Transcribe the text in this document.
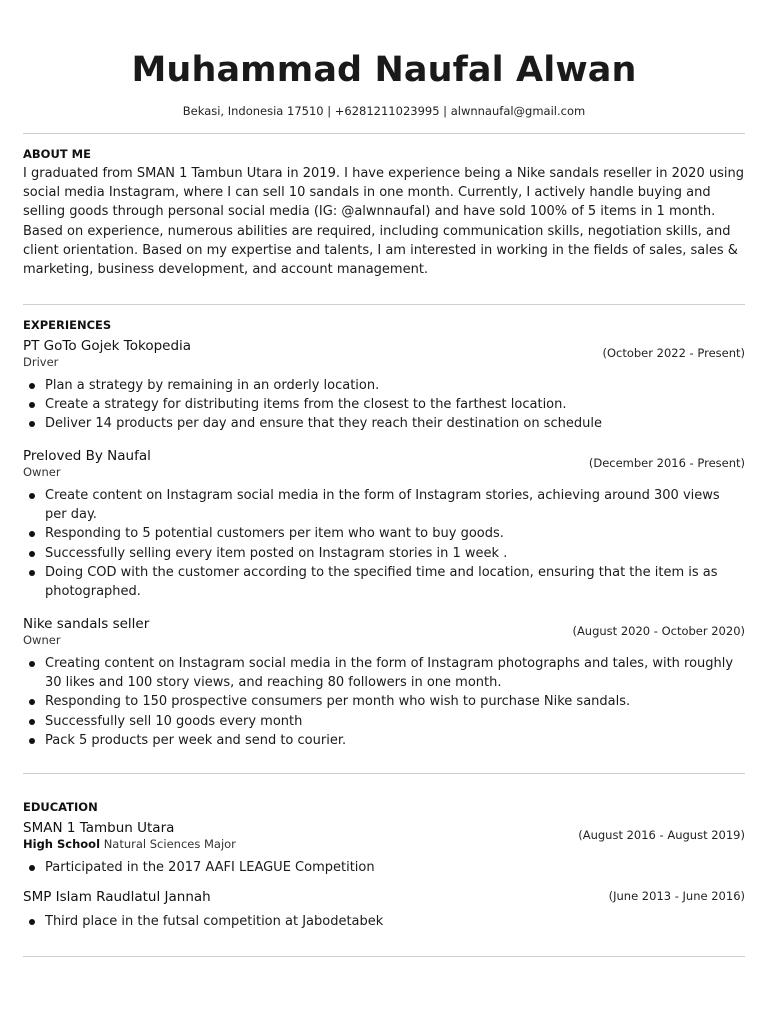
Muhammad Naufal Alwan
Bekasi, Indonesia 17510 | +6281211023995 | alwnnaufal@gmail.com
ABOUT ME
I graduated from SMAN 1 Tambun Utara in 2019. I have experience being a Nike sandals reseller in 2020 using social media Instagram, where I can sell 10 sandals in one month. Currently, I actively handle buying and selling goods through personal social media (IG: @alwnnaufal) and have sold 100% of 5 items in 1 month. Based on experience, numerous abilities are required, including communication skills, negotiation skills, and client orientation. Based on my expertise and talents, I am interested in working in the fields of sales, sales & marketing, business development, and account management.
EXPERIENCES
PT GoTo Gojek Tokopedia	(October 2022 - Present)
Driver
Plan a strategy by remaining in an orderly location.
Create a strategy for distributing items from the closest to the farthest location.
Deliver 14 products per day and ensure that they reach their destination on schedule
Preloved By Naufal	(December 2016 - Present)
Owner
Create content on Instagram social media in the form of Instagram stories, achieving around 300 views per day.
Responding to 5 potential customers per item who want to buy goods.
Successfully selling every item posted on Instagram stories in 1 week .
Doing COD with the customer according to the specified time and location, ensuring that the item is as photographed.
Nike sandals seller	(August 2020 - October 2020)
Owner
Creating content on Instagram social media in the form of Instagram photographs and tales, with roughly 30 likes and 100 story views, and reaching 80 followers in one month.
Responding to 150 prospective consumers per month who wish to purchase Nike sandals.
Successfully sell 10 goods every month
Pack 5 products per week and send to courier.
EDUCATION
SMAN 1 Tambun Utara	(August 2016 - August 2019)
High School Natural Sciences Major
Participated in the 2017 AAFI LEAGUE Competition
SMP Islam Raudlatul Jannah	(June 2013 - June 2016)
Third place in the futsal competition at Jabodetabek
